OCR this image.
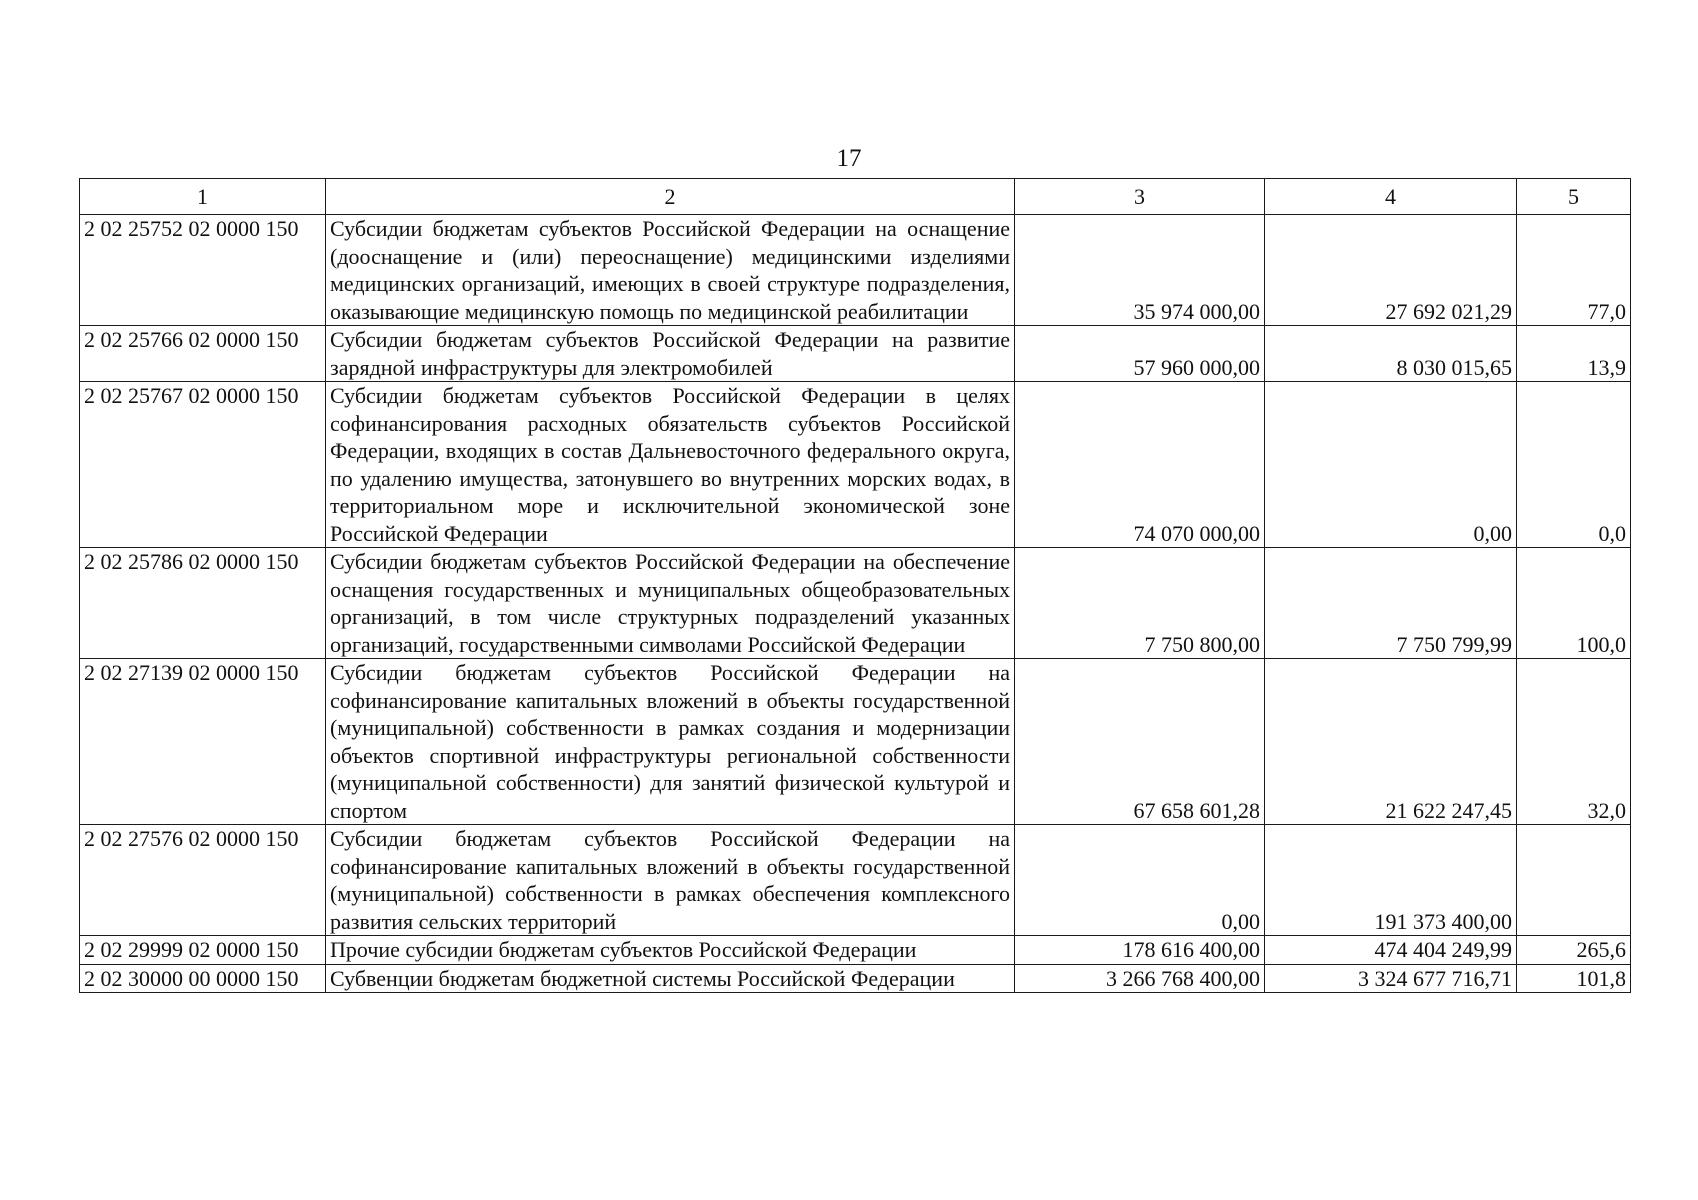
17
1	2	3	4	5
2 02 25752 02 0000 150	Субсидии бюджетам субъектов Российской Федерации на оснащение (дооснащение и (или) переоснащение) медицинскими изделиями медицинских организаций, имеющих в своей структуре подразделения, оказывающие медицинскую помощь по медицинской реабилитации	35 974 000,00	27 692 021,29	77,0
2 02 25766 02 0000 150	Субсидии бюджетам субъектов Российской Федерации на развитие зарядной инфраструктуры для электромобилей	57 960 000,00	8 030 015,65	13,9
2 02 25767 02 0000 150	Субсидии бюджетам субъектов Российской Федерации в целях софинансирования расходных обязательств субъектов Российской Федерации, входящих в состав Дальневосточного федерального округа, по удалению имущества, затонувшего во внутренних морских водах, в территориальном море и исключительной экономической зоне Российской Федерации	74 070 000,00	0,00	0,0
2 02 25786 02 0000 150	Субсидии бюджетам субъектов Российской Федерации на обеспечение оснащения государственных и муниципальных общеобразовательных организаций, в том числе структурных подразделений указанных организаций, государственными символами Российской Федерации	7 750 800,00	7 750 799,99	100,0
2 02 27139 02 0000 150	Субсидии бюджетам субъектов Российской Федерации на софинансирование капитальных вложений в объекты государственной (муниципальной) собственности в рамках создания и модернизации объектов спортивной инфраструктуры региональной собственности (муниципальной собственности) для занятий физической культурой и спортом	67 658 601,28	21 622 247,45	32,0
2 02 27576 02 0000 150	Субсидии бюджетам субъектов Российской Федерации на софинансирование капитальных вложений в объекты государственной (муниципальной) собственности в рамках обеспечения комплексного развития сельских территорий	0,00	191 373 400,00	
2 02 29999 02 0000 150	Прочие субсидии бюджетам субъектов Российской Федерации	178 616 400,00	474 404 249,99	265,6
2 02 30000 00 0000 150	Субвенции бюджетам бюджетной системы Российской Федерации	3 266 768 400,00	3 324 677 716,71	101,8
